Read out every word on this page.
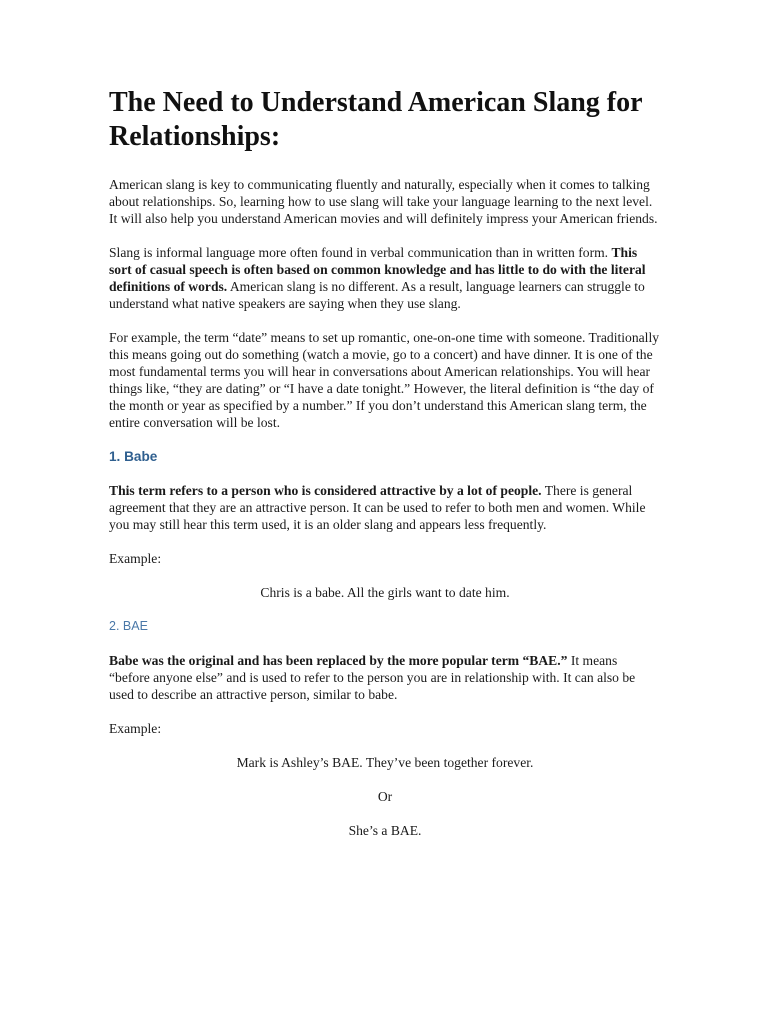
The Need to Understand American Slang for Relationships:

American slang is key to communicating fluently and naturally, especially when it comes to talking about relationships. So, learning how to use slang will take your language learning to the next level. It will also help you understand American movies and will definitely impress your American friends.

Slang is informal language more often found in verbal communication than in written form. This sort of casual speech is often based on common knowledge and has little to do with the literal definitions of words. American slang is no different. As a result, language learners can struggle to understand what native speakers are saying when they use slang.

For example, the term “date” means to set up romantic, one-on-one time with someone. Traditionally this means going out do something (watch a movie, go to a concert) and have dinner. It is one of the most fundamental terms you will hear in conversations about American relationships. You will hear things like, “they are dating” or “I have a date tonight.” However, the literal definition is “the day of the month or year as specified by a number.” If you don’t understand this American slang term, the entire conversation will be lost.

1. Babe

This term refers to a person who is considered attractive by a lot of people. There is general agreement that they are an attractive person. It can be used to refer to both men and women. While you may still hear this term used, it is an older slang and appears less frequently.

Example:

Chris is a babe. All the girls want to date him.
2. BAE

Babe was the original and has been replaced by the more popular term “BAE.” It means “before anyone else” and is used to refer to the person you are in relationship with. It can also be used to describe an attractive person, similar to babe.

Example:

Mark is Ashley’s BAE. They’ve been together forever.
Or
She’s a BAE.
